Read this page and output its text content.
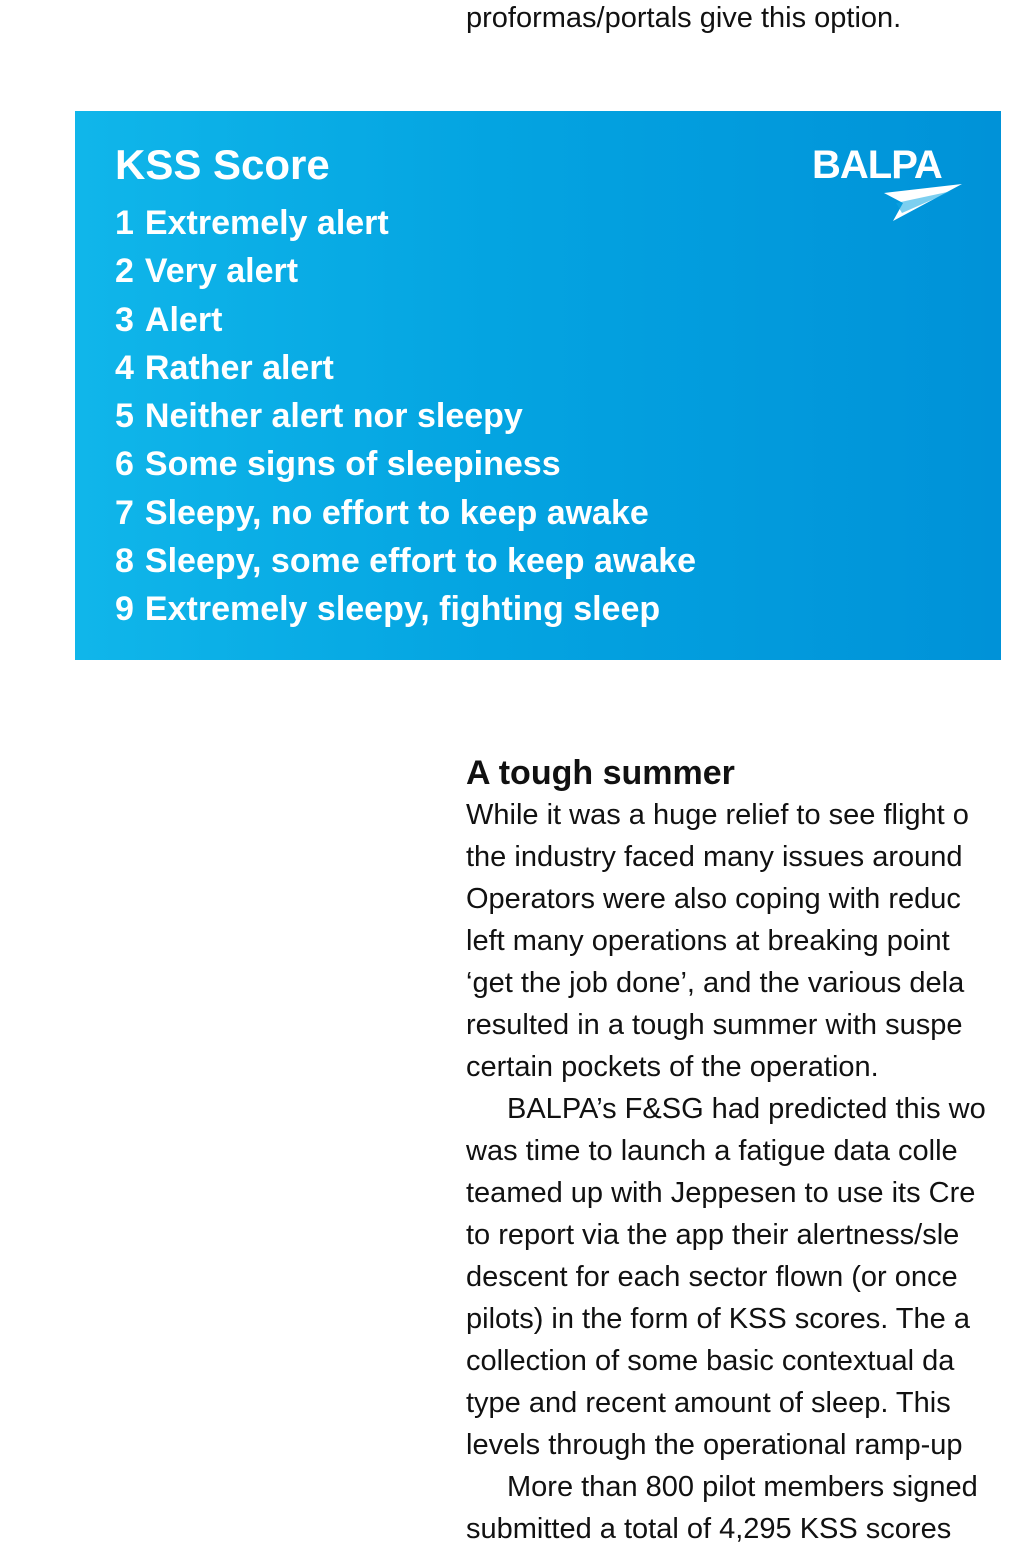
proformas/portals give this option.

KSS Score	BALPA
1 Extremely alert
2 Very alert
3 Alert
4 Rather alert
5 Neither alert nor sleepy
6 Some signs of sleepiness
7 Sleepy, no effort to keep awake
8 Sleepy, some effort to keep awake
9 Extremely sleepy, fighting sleep
A tough summer
While it was a huge relief to see flight o
the industry faced many issues around
Operators were also coping with reduc
left many operations at breaking point
‘get the job done’, and the various dela
resulted in a tough summer with suspe
certain pockets of the operation.
BALPA’s F&SG had predicted this wo
was time to launch a fatigue data colle
teamed up with Jeppesen to use its Cre
to report via the app their alertness/sle
descent for each sector flown (or once
pilots) in the form of KSS scores. The a
collection of some basic contextual da
type and recent amount of sleep. This
levels through the operational ramp-up
More than 800 pilot members signed
submitted a total of 4,295 KSS scores
